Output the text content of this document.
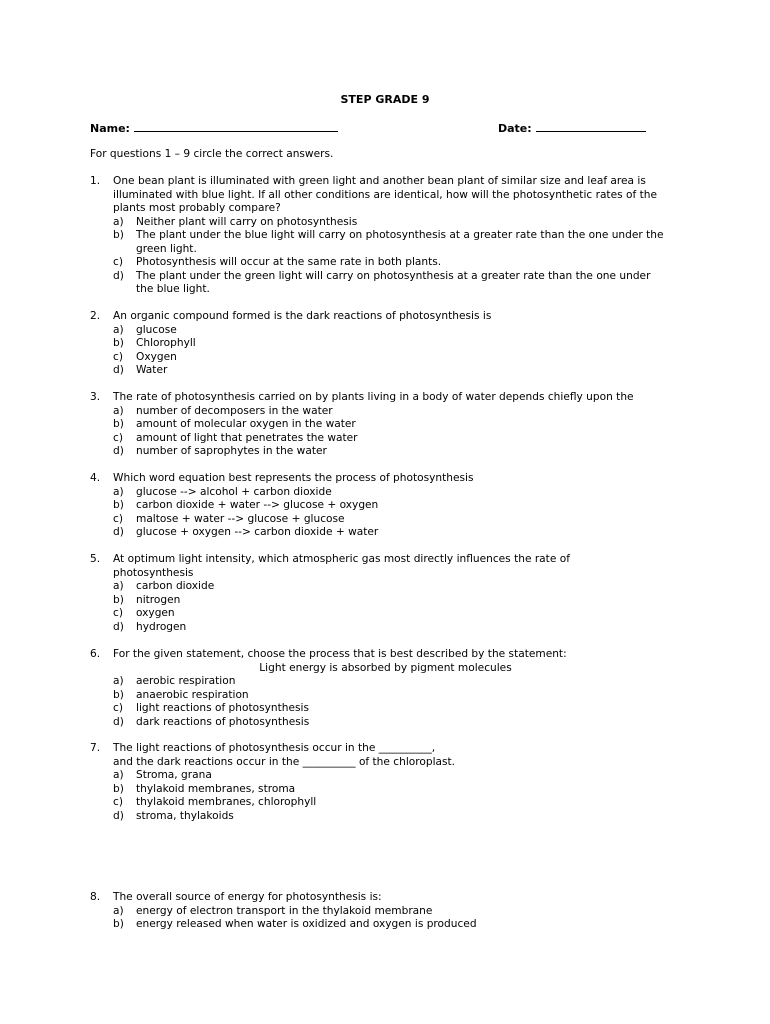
STEP GRADE 9
Name:	Date:
For questions 1 – 9 circle the correct answers.
1.	One bean plant is illuminated with green light and another bean plant of similar size and leaf area is illuminated with blue light. If all other conditions are identical, how will the photosynthetic rates of the plants most probably compare?
a) Neither plant will carry on photosynthesis
b) The plant under the blue light will carry on photosynthesis at a greater rate than the one under the green light.
c) Photosynthesis will occur at the same rate in both plants.
d) The plant under the green light will carry on photosynthesis at a greater rate than the one under the blue light.
2.	An organic compound formed is the dark reactions of photosynthesis is
a) glucose
b) Chlorophyll
c) Oxygen
d) Water
3.	The rate of photosynthesis carried on by plants living in a body of water depends chiefly upon the
a) number of decomposers in the water
b) amount of molecular oxygen in the water
c) amount of light that penetrates the water
d) number of saprophytes in the water
4.	Which word equation best represents the process of photosynthesis
a) glucose --> alcohol + carbon dioxide
b) carbon dioxide + water --> glucose + oxygen
c) maltose + water --> glucose + glucose
d) glucose + oxygen --> carbon dioxide + water
5.	At optimum light intensity, which atmospheric gas most directly influences the rate of photosynthesis
a) carbon dioxide
b) nitrogen
c) oxygen
d) hydrogen
6.	For the given statement, choose the process that is best described by the statement:
Light energy is absorbed by pigment molecules
a) aerobic respiration
b) anaerobic respiration
c) light reactions of photosynthesis
d) dark reactions of photosynthesis
7.	The light reactions of photosynthesis occur in the __________,
and the dark reactions occur in the __________ of the chloroplast.
a) Stroma, grana
b) thylakoid membranes, stroma
c) thylakoid membranes, chlorophyll
d) stroma, thylakoids
8.	The overall source of energy for photosynthesis is:
a) energy of electron transport in the thylakoid membrane
b) energy released when water is oxidized and oxygen is produced
